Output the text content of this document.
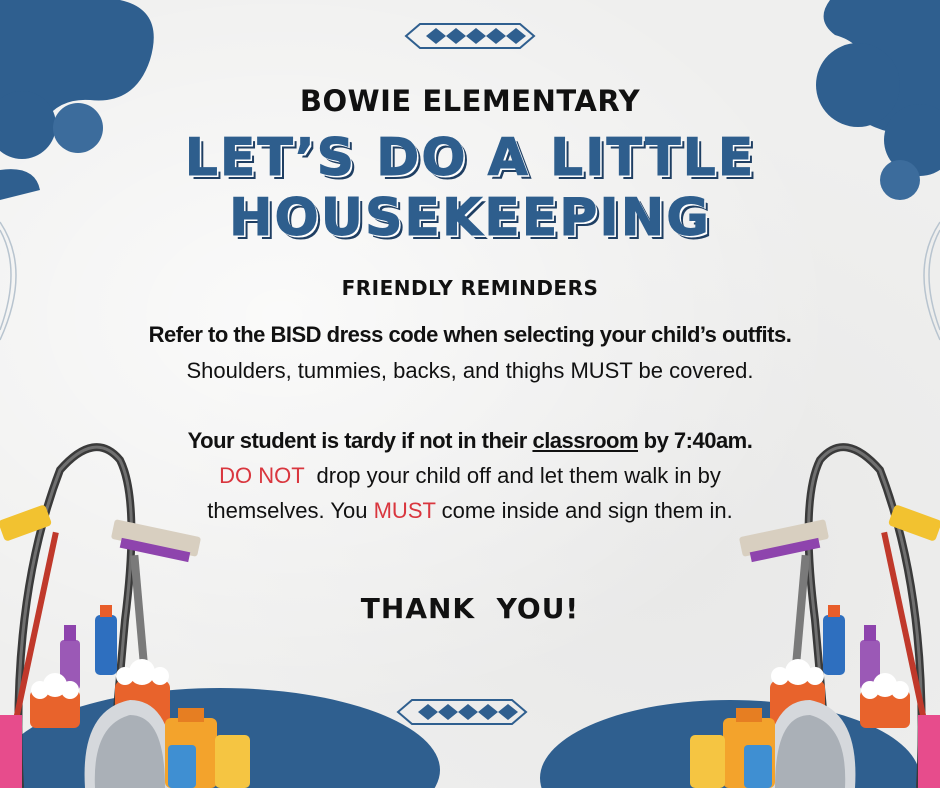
BOWIE ELEMENTARY
LET’S DO A LITTLE
HOUSEKEEPING
FRIENDLY REMINDERS
Refer to the BISD dress code when selecting your child’s outfits.
Shoulders, tummies, backs, and thighs MUST be covered.
Your student is tardy if not in their classroom by 7:40am.
DO NOT  drop your child off and let them walk in by
themselves. You MUST come inside and sign them in.
THANK  YOU!
